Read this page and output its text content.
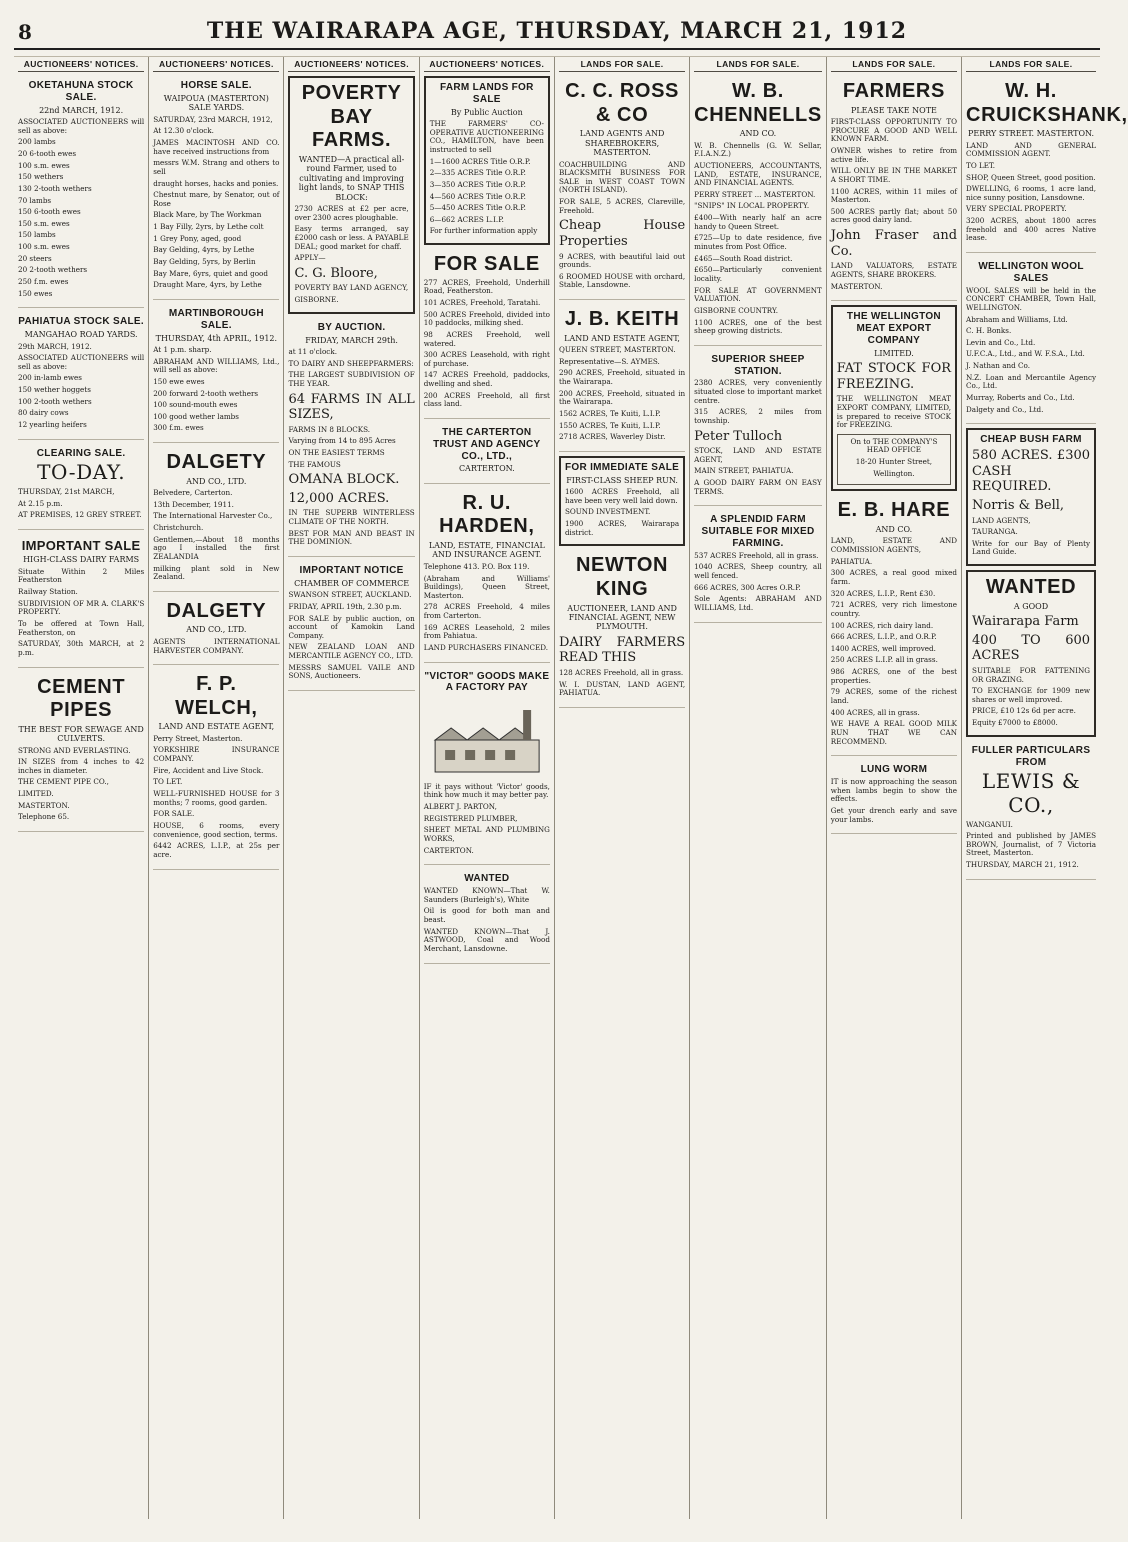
8	THE WAIRARAPA AGE, THURSDAY, MARCH 21, 1912
AUCTIONEERS' NOTICES.
OKETAHUNA STOCK SALE.
22nd MARCH, 1912.

ASSOCIATED AUCTIONEERS will sell as above:

200 lambs

20 6-tooth ewes

100 s.m. ewes

150 wethers

130 2-tooth wethers

70 lambs

150 6-tooth ewes

150 s.m. ewes

150 lambs

100 s.m. ewes

20 steers

20 2-tooth wethers

250 f.m. ewes

150 ewes

PAHIATUA STOCK SALE.
MANGAHAO ROAD YARDS.

29th MARCH, 1912.

ASSOCIATED AUCTIONEERS will sell as above:

200 in-lamb ewes

150 wether hoggets

100 2-tooth wethers

80 dairy cows

12 yearling heifers

CLEARING SALE.
TO-DAY.

THURSDAY, 21st MARCH,

At 2.15 p.m.

AT PREMISES, 12 GREY STREET.

IMPORTANT SALE
HIGH-CLASS DAIRY FARMS

Situate Within 2 Miles Featherston

Railway Station.

SUBDIVISION OF MR A. CLARK'S PROPERTY.

To be offered at Town Hall, Featherston, on

SATURDAY, 30th MARCH, at 2 p.m.

CEMENT PIPES
THE BEST FOR SEWAGE AND CULVERTS.

STRONG AND EVERLASTING.

IN SIZES from 4 inches to 42 inches in diameter.

THE CEMENT PIPE CO.,

LIMITED.

MASTERTON.

Telephone 65.

AUCTIONEERS' NOTICES.
HORSE SALE.
WAIPOUA (MASTERTON) SALE YARDS.

SATURDAY, 23rd MARCH, 1912,

At 12.30 o'clock.

JAMES MACINTOSH AND CO. have received instructions from

messrs W.M. Strang and others to sell

draught horses, hacks and ponies.

Chestnut mare, by Senator, out of Rose

Black Mare, by The Workman

1 Bay Filly, 2yrs, by Lethe colt

1 Grey Pony, aged, good

Bay Gelding, 4yrs, by Lethe

Bay Gelding, 5yrs, by Berlin

Bay Mare, 6yrs, quiet and good

Draught Mare, 4yrs, by Lethe

MARTINBOROUGH SALE.
THURSDAY, 4th APRIL, 1912.

At 1 p.m. sharp.

ABRAHAM AND WILLIAMS, Ltd., will sell as above:

150 ewe ewes

200 forward 2-tooth wethers

100 sound-mouth ewes

100 good wether lambs

300 f.m. ewes

DALGETY
AND CO., LTD.

Belvedere, Carterton.

13th December, 1911.

The International Harvester Co.,

Christchurch.

Gentlemen,—About 18 months ago I installed the first ZEALANDIA

milking plant sold in New Zealand.

DALGETY
AND CO., LTD.

AGENTS INTERNATIONAL HARVESTER COMPANY.

F. P. WELCH,
LAND AND ESTATE AGENT,

Perry Street, Masterton.

YORKSHIRE INSURANCE COMPANY.

Fire, Accident and Live Stock.

TO LET.

WELL-FURNISHED HOUSE for 3 months; 7 rooms, good garden.

FOR SALE.

HOUSE, 6 rooms, every convenience, good section, terms.

6442 ACRES, L.I.P., at 25s per acre.

AUCTIONEERS' NOTICES.
POVERTY BAY FARMS.
WANTED—A practical all-round Farmer, used to cultivating and improving light lands, to SNAP THIS BLOCK:

2730 ACRES at £2 per acre, over 2300 acres ploughable.

Easy terms arranged, say £2000 cash or less. A PAYABLE DEAL; good market for chaff.

APPLY—

C. G. Bloore,

POVERTY BAY LAND AGENCY,

GISBORNE.

BY AUCTION.
FRIDAY, MARCH 29th.

at 11 o'clock.

TO DAIRY AND SHEEPFARMERS:

THE LARGEST SUBDIVISION OF THE YEAR.

64 FARMS IN ALL SIZES,

FARMS IN 8 BLOCKS.

Varying from 14 to 895 Acres

ON THE EASIEST TERMS

THE FAMOUS

OMANA BLOCK.

12,000 ACRES.

IN THE SUPERB WINTERLESS CLIMATE OF THE NORTH.

BEST FOR MAN AND BEAST IN THE DOMINION.

IMPORTANT NOTICE
CHAMBER OF COMMERCE

SWANSON STREET, AUCKLAND.

FRIDAY, APRIL 19th, 2.30 p.m.

FOR SALE by public auction, on account of Kamokin Land Company.

NEW ZEALAND LOAN AND MERCANTILE AGENCY CO., LTD.

MESSRS SAMUEL VAILE AND SONS, Auctioneers.

AUCTIONEERS' NOTICES.
FARM LANDS FOR SALE
By Public Auction

THE FARMERS' CO-OPERATIVE AUCTIONEERING CO., HAMILTON, have been instructed to sell

1—1600 ACRES Title O.R.P.

2—335 ACRES Title O.R.P.

3—350 ACRES Title O.R.P.

4—560 ACRES Title O.R.P.

5—450 ACRES Title O.R.P.

6—662 ACRES L.I.P.

For further information apply

FOR SALE

277 ACRES, Freehold, Underhill Road, Featherston.

101 ACRES, Freehold, Taratahi.

500 ACRES Freehold, divided into 10 paddocks, milking shed.

98 ACRES Freehold, well watered.

300 ACRES Leasehold, with right of purchase.

147 ACRES Freehold, paddocks, dwelling and shed.

200 ACRES Freehold, all first class land.

THE CARTERTON TRUST AND AGENCY CO., LTD.,
CARTERTON.
R. U. HARDEN,
LAND, ESTATE, FINANCIAL AND INSURANCE AGENT.

Telephone 413. P.O. Box 119.

(Abraham and Williams' Buildings), Queen Street, Masterton.

278 ACRES Freehold, 4 miles from Carterton.

169 ACRES Leasehold, 2 miles from Pahiatua.

LAND PURCHASERS FINANCED.

"VICTOR" GOODS MAKE A FACTORY PAY

IF it pays without 'Victor' goods, think how much it may better pay.

ALBERT J. PARTON,

REGISTERED PLUMBER,

SHEET METAL AND PLUMBING WORKS,

CARTERTON.

WANTED

WANTED KNOWN—That W. Saunders (Burleigh's), White

Oil is good for both man and beast.

WANTED KNOWN—That J. ASTWOOD, Coal and Wood Merchant, Lansdowne.

LANDS FOR SALE.
C. C. ROSS & CO
LAND AGENTS AND SHAREBROKERS, MASTERTON.

COACHBUILDING AND BLACKSMITH BUSINESS FOR SALE in WEST COAST TOWN (NORTH ISLAND).

FOR SALE, 5 ACRES, Clareville, Freehold.

Cheap House Properties

9 ACRES, with beautiful laid out grounds.

6 ROOMED HOUSE with orchard, Stable, Lansdowne.

J. B. KEITH
LAND AND ESTATE AGENT,

QUEEN STREET, MASTERTON.

Representative—S. AYMES.

290 ACRES, Freehold, situated in the Wairarapa.

200 ACRES, Freehold, situated in the Wairarapa.

1562 ACRES, Te Kuiti, L.I.P.

1550 ACRES, Te Kuiti, L.I.P.

2718 ACRES, Waverley Distr.

FOR IMMEDIATE SALE
FIRST-CLASS SHEEP RUN.

1600 ACRES Freehold, all have been very well laid down.

SOUND INVESTMENT.

1900 ACRES, Wairarapa district.

NEWTON KING
AUCTIONEER, LAND AND FINANCIAL AGENT, NEW PLYMOUTH.

DAIRY FARMERS READ THIS

128 ACRES Freehold, all in grass.

W. I. DUSTAN, LAND AGENT, PAHIATUA.

LANDS FOR SALE.
W. B. CHENNELLS
AND CO.

W. B. Chennells (G. W. Sellar, F.I.A.N.Z.)

AUCTIONEERS, ACCOUNTANTS, LAND, ESTATE, INSURANCE, AND FINANCIAL AGENTS.

PERRY STREET ... MASTERTON.

"SNIPS" IN LOCAL PROPERTY.

£400—With nearly half an acre handy to Queen Street.

£725—Up to date residence, five minutes from Post Office.

£465—South Road district.

£650—Particularly convenient locality.

FOR SALE AT GOVERNMENT VALUATION.

GISBORNE COUNTRY.

1100 ACRES, one of the best sheep growing districts.

SUPERIOR SHEEP STATION.

2380 ACRES, very conveniently situated close to important market centre.

315 ACRES, 2 miles from township.

Peter Tulloch

STOCK, LAND AND ESTATE AGENT,

MAIN STREET, PAHIATUA.

A GOOD DAIRY FARM ON EASY TERMS.

A SPLENDID FARM SUITABLE FOR MIXED FARMING.

537 ACRES Freehold, all in grass.

1040 ACRES, Sheep country, all well fenced.

666 ACRES, 300 Acres O.R.P.

Sole Agents: ABRAHAM AND WILLIAMS, Ltd.

LANDS FOR SALE.
FARMERS
PLEASE TAKE NOTE

FIRST-CLASS OPPORTUNITY TO PROCURE A GOOD AND WELL KNOWN FARM.

OWNER wishes to retire from active life.

WILL ONLY BE IN THE MARKET A SHORT TIME.

1100 ACRES, within 11 miles of Masterton.

500 ACRES partly flat; about 50 acres good dairy land.

John Fraser and Co.

LAND VALUATORS, ESTATE AGENTS, SHARE BROKERS.

MASTERTON.

THE WELLINGTON MEAT EXPORT COMPANY
LIMITED.

FAT STOCK FOR FREEZING.

THE WELLINGTON MEAT EXPORT COMPANY, LIMITED, is prepared to receive STOCK for FREEZING.

On to THE COMPANY'S HEAD OFFICE

18-20 Hunter Street,

Wellington.

E. B. HARE
AND CO.

LAND, ESTATE AND COMMISSION AGENTS,

PAHIATUA.

300 ACRES, a real good mixed farm.

320 ACRES, L.I.P., Rent £30.

721 ACRES, very rich limestone country.

100 ACRES, rich dairy land.

666 ACRES, L.I.P., and O.R.P.

1400 ACRES, well improved.

250 ACRES L.I.P. all in grass.

986 ACRES, one of the best properties.

79 ACRES, some of the richest land.

400 ACRES, all in grass.

WE HAVE A REAL GOOD MILK RUN THAT WE CAN RECOMMEND.

LUNG WORM

IT is now approaching the season when lambs begin to show the effects.

Get your drench early and save your lambs.

LANDS FOR SALE.
W. H. CRUICKSHANK,
PERRY STREET. MASTERTON.

LAND AND GENERAL COMMISSION AGENT.

TO LET.

SHOP, Queen Street, good position.

DWELLING, 6 rooms, 1 acre land, nice sunny position, Lansdowne.

VERY SPECIAL PROPERTY.

3200 ACRES, about 1800 acres freehold and 400 acres Native lease.

WELLINGTON WOOL SALES

WOOL SALES will be held in the CONCERT CHAMBER, Town Hall, WELLINGTON.

Abraham and Williams, Ltd.

C. H. Bonks.

Levin and Co., Ltd.

U.F.C.A., Ltd., and W. F.S.A., Ltd.

J. Nathan and Co.

N.Z. Loan and Mercantile Agency Co., Ltd.

Murray, Roberts and Co., Ltd.

Dalgety and Co., Ltd.

CHEAP BUSH FARM

580 ACRES. £300 CASH REQUIRED.

Norris & Bell,

LAND AGENTS,

TAURANGA.

Write for our Bay of Plenty Land Guide.

WANTED
A GOOD

Wairarapa Farm

400 TO 600 ACRES

SUITABLE FOR FATTENING OR GRAZING.

TO EXCHANGE for 1909 new shares or well improved.

PRICE, £10 12s 6d per acre.

Equity £7000 to £8000.

FULLER PARTICULARS FROM
LEWIS & CO.,

WANGANUI.

Printed and published by JAMES BROWN, Journalist, of 7 Victoria Street, Masterton.

THURSDAY, MARCH 21, 1912.
